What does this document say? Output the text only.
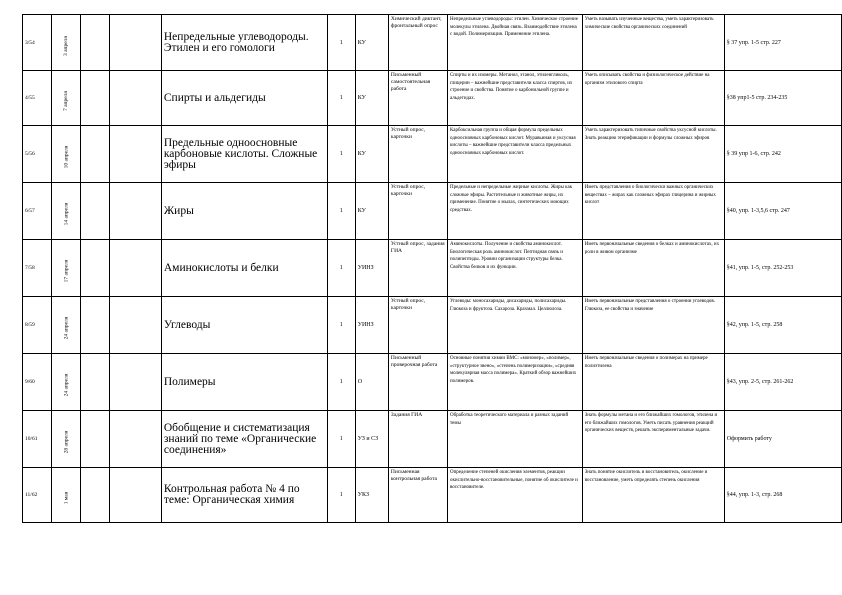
3/54	3 апреля			Непредельные углеводороды. Этилен и его гомологи	1	КУ	Химический диктант, фронтальный опрос	Непредельные углеводороды: этилен. Химическое строение молекулы этилена. Двойная связь. Взаимодействие этилена с водой. Полимеризация. Применение этилена.	Уметь называть изученные вещества, уметь характеризовать химические свойства органических соединений	§ 37 упр. 1-5 стр. 227
4/55	7 апреля			Спирты и альдегиды	1	КУ	Письменный самостоятельная работа	Спирты и их изомеры. Метанол, этанол, этиленгликоль, глицерин – важнейшие представители класса спиртов, их строение и свойства. Понятие о карбонильной группе и альдегидах.	Уметь описывать свойства и физиологическое действие на организм этилового спирта	§38 упр1-5 стр. 234-235
5/56	10 апреля			Предельные одноосновные карбоновые кислоты. Сложные эфиры	1	КУ	Устный опрос, карточки	Карбоксильная группа и общая формула предельных одноосновных карбоновых кислот. Муравьиная и уксусная кислоты – важнейшие представители класса предельных одноосновных карбоновых кислот.	Уметь характеризовать типичные свойства уксусной кислоты. Знать реакцию этерификации и формулы сложных эфиров	§ 39 упр 1-6, стр. 242
6/57	14 апреля			Жиры	1	КУ	Устный опрос, карточки	Предельные и непредельные жирные кислоты. Жиры как сложные эфиры. Растительные и животные жиры, их применение. Понятие о мылах, синтетических моющих средствах.	Иметь представления о биологически важных органических веществах – жирах как сложных эфирах глицерина и жирных кислот	§40, упр. 1-3,5,6 стр. 247
7/58	17 апреля			Аминокислоты и белки	1	УИНЗ	Устный опрос, задания ГИА	Аминокислоты. Получение и свойства аминокислот. Биологическая роль аминокислот. Пептидная связь и полипептиды. Уровни организации структуры белка. Свойства белков и их функции.	Иметь первоначальные сведения о белках и аминокислотах, их роли в живом организме	§41, упр. 1-5, стр. 252-253
8/59	24 апреля			Углеводы	1	УИНЗ	Устный опрос, карточки	Углеводы: моносахариды, дисахариды, полисахариды. Глюкоза и фруктоза. Сахароза. Крахмал. Целлюлоза.	Иметь первоначальные представления о строении углеводов. Глюкоза, ее свойства и значение	§42, упр. 1-5, стр. 258
9/60	24 апреля			Полимеры	1	О	Письменный проверочная работа	Основные понятия химии ВМС: «мономер», «полимер», «структурное звено», «степень полимеризации», «средняя молекулярная масса полимера». Краткий обзор важнейших полимеров.	Иметь первоначальные сведения о полимерах на примере полиэтилена	§43, упр. 2-5, стр. 261-262
10/61	28 апреля			Обобщение и систематизация знаний по теме «Органические соединения»	1	УЗ и СЗ	Задания ГИА	Обработка теоретического материала и разных заданий темы	Знать формулы метана и его ближайших гомологов, этилена и его ближайших гомологов. Уметь писать уравнения реакций органических веществ, решать экспериментальные задачи.	Оформить работу
11/62	1 мая			Контрольная работа № 4 по теме: Органическая химия	1	УКЗ	Письменная контрольная работа	Определение степеней окисления элементов, реакции окислительно-восстановительные, понятие об окислителе и восстановителе.	Знать понятие окислитель и восстановитель, окисление и восстановление, уметь определять степень окисления	§44, упр. 1-3, стр. 268
